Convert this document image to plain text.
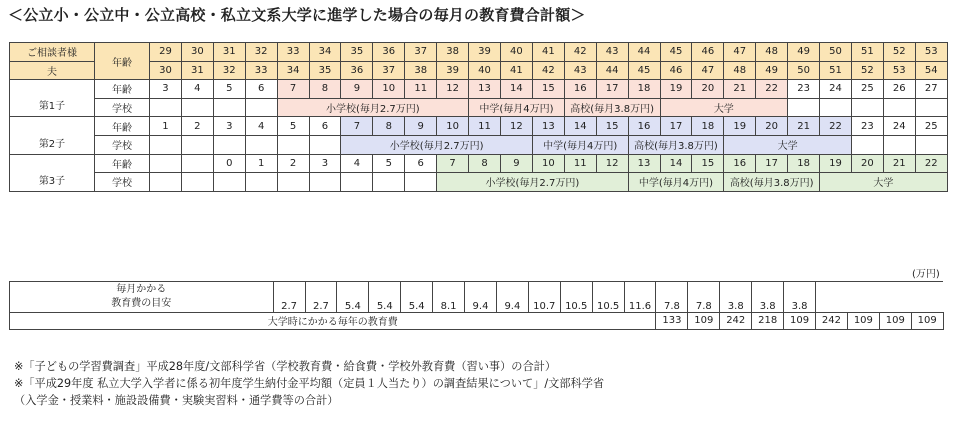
＜公立小・公立中・公立高校・私立文系大学に進学した場合の毎月の教育費合計額＞
ご相談者様	年齢	29	30	31	32	33	34	35	36	37	38	39	40	41	42	43	44	45	46	47	48	49	50	51	52	53
夫		30	31	32	33	34	35	36	37	38	39	40	41	42	43	44	45	46	47	48	49	50	51	52	53	54
第1子	年齢	3	4	5	6	7	8	9	10	11	12	13	14	15	16	17	18	19	20	21	22	23	24	25	26	27
	学校					小学校(毎月2.7万円)						中学(毎月4万円)			高校(毎月3.8万円)			大学								
第2子	年齢	1	2	3	4	5	6	7	8	9	10	11	12	13	14	15	16	17	18	19	20	21	22	23	24	25
	学校							小学校(毎月2.7万円)						中学(毎月4万円)			高校(毎月3.8万円)			大学						
第3子	年齢			0	1	2	3	4	5	6	7	8	9	10	11	12	13	14	15	16	17	18	19	20	21	22
	学校										小学校(毎月2.7万円)						中学(毎月4万円)			高校(毎月3.8万円)			大学			
(万円)
毎月かかる
教育費の目安	2.7	2.7	5.4	5.4	5.4	8.1	9.4	9.4	10.7	10.5	10.5	11.6	7.8	7.8	3.8	3.8	3.8				
大学時にかかる毎年の教育費													133	109	242	218	109	242	109	109	109
※「子どもの学習費調査」平成28年度/文部科学省（学校教育費・給食費・学校外教育費（習い事）の合計）
※「平成29年度 私立大学入学者に係る初年度学生納付金平均額（定員１人当たり）の調査結果について」/文部科学省
（入学金・授業料・施設設備費・実験実習料・通学費等の合計）
